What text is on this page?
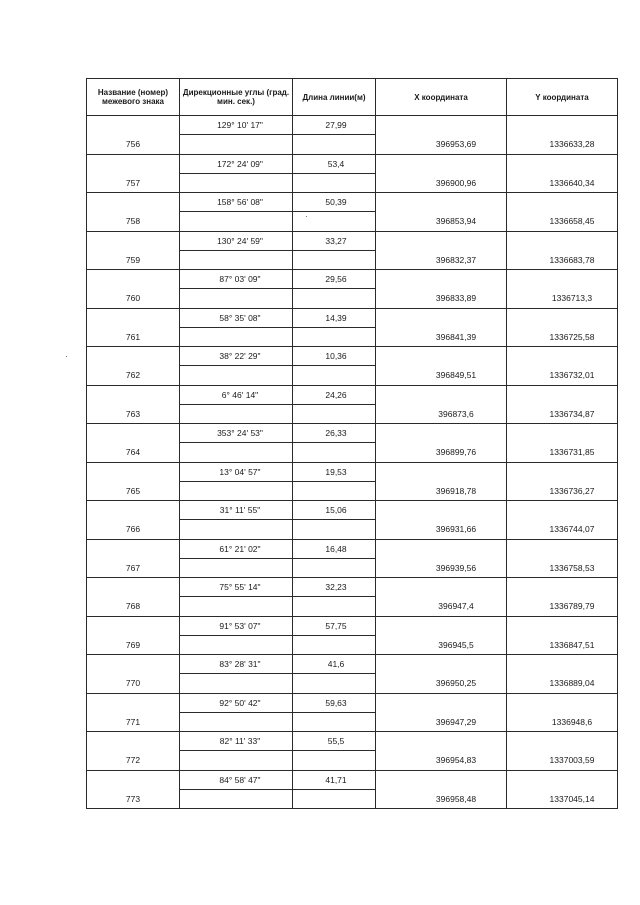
Название (номер) межевого знака	Дирекционные углы (град. мин. сек.)	Длина линии(м)	X координата	Y координата
	129° 10' 17"	27,99		
756			396953,69	1336633,28
	172° 24' 09"	53,4		
757			396900,96	1336640,34
	158° 56' 08"	50,39		
758			396853,94	1336658,45
	130° 24' 59"	33,27		
759			396832,37	1336683,78
	87° 03' 09"	29,56		
760			396833,89	1336713,3
	58° 35' 08"	14,39		
761			396841,39	1336725,58
	38° 22' 29"	10,36		
762			396849,51	1336732,01
	6° 46' 14"	24,26		
763			396873,6	1336734,87
	353° 24' 53"	26,33		
764			396899,76	1336731,85
	13° 04' 57"	19,53		
765			396918,78	1336736,27
	31° 11' 55"	15,06		
766			396931,66	1336744,07
	61° 21' 02"	16,48		
767			396939,56	1336758,53
	75° 55' 14"	32,23		
768			396947,4	1336789,79
	91° 53' 07"	57,75		
769			396945,5	1336847,51
	83° 28' 31"	41,6		
770			396950,25	1336889,04
	92° 50' 42"	59,63		
771			396947,29	1336948,6
	82° 11' 33"	55,5		
772			396954,83	1337003,59
	84° 58' 47"	41,71		
773			396958,48	1337045,14
